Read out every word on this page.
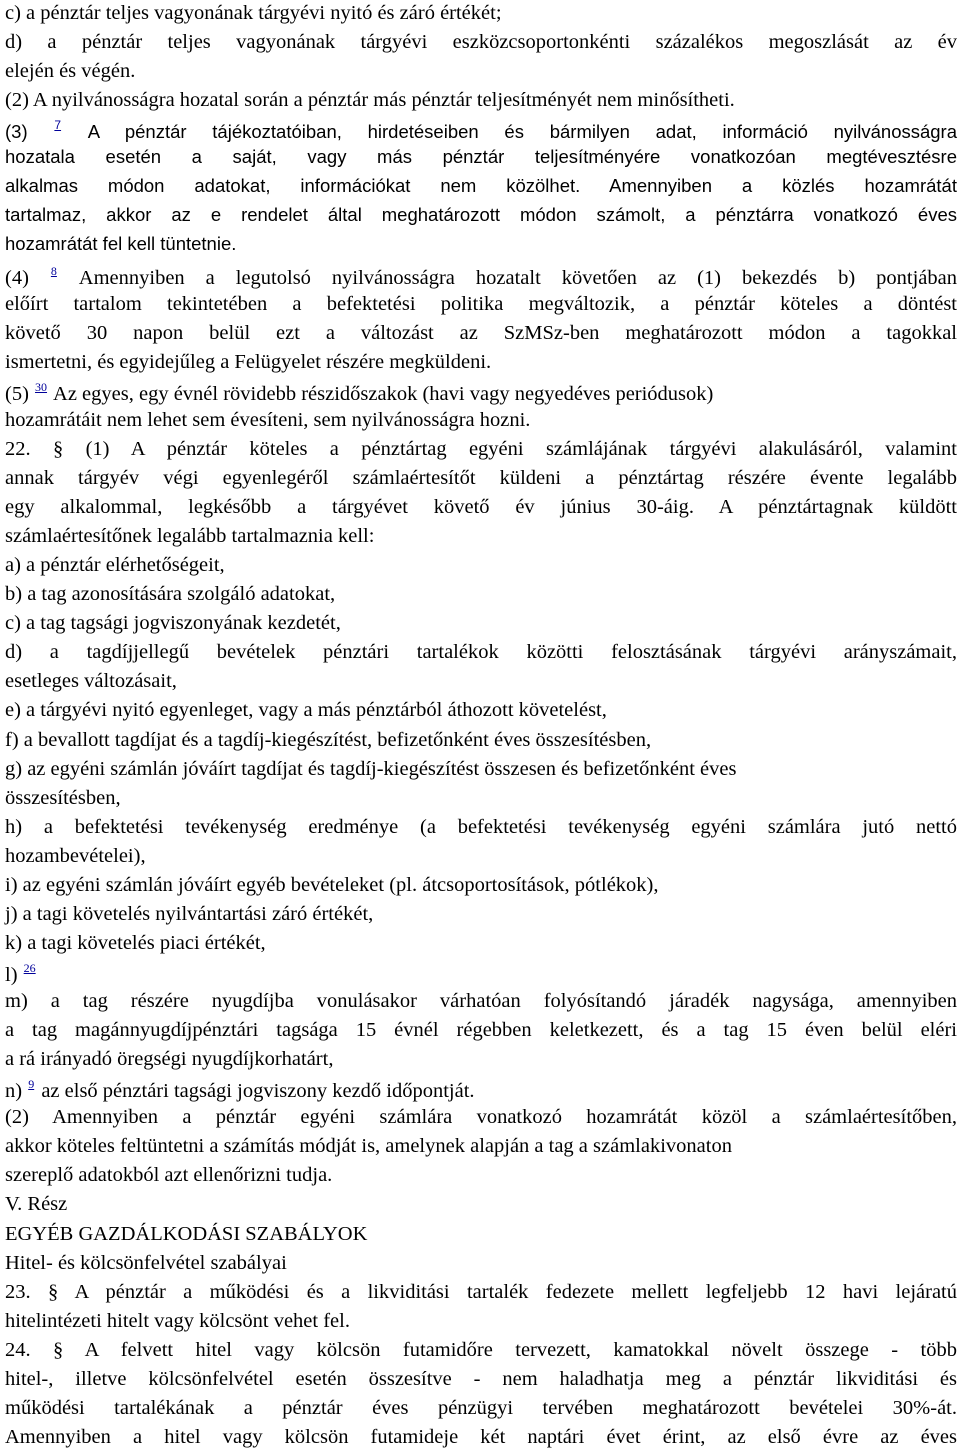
c) a pénztár teljes vagyonának tárgyévi nyitó és záró értékét;
d) a pénztár teljes vagyonának tárgyévi eszközcsoportonkénti százalékos megoszlását az év
elején és végén.
(2) A nyilvánosságra hozatal során a pénztár más pénztár teljesítményét nem minősítheti.
(3) $^7$ A pénztár tájékoztatóiban, hirdetéseiben és bármilyen adat, információ nyilvánosságra
hozatala esetén a saját, vagy más pénztár teljesítményére vonatkozóan megtévesztésre
alkalmas módon adatokat, információkat nem közölhet. Amennyiben a közlés hozamrátát
tartalmaz, akkor az e rendelet által meghatározott módon számolt, a pénztárra vonatkozó éves
hozamrátát fel kell tüntetnie.
(4) $^8$ Amennyiben a legutolsó nyilvánosságra hozatalt követően az (1) bekezdés b) pontjában
előírt tartalom tekintetében a befektetési politika megváltozik, a pénztár köteles a döntést
követő 30 napon belül ezt a változást az SzMSz-ben meghatározott módon a tagokkal
ismertetni, és egyidejűleg a Felügyelet részére megküldeni.
(5) $^{30}$ Az egyes, egy évnél rövidebb részidőszakok (havi vagy negyedéves periódusok)
hozamrátáit nem lehet sem évesíteni, sem nyilvánosságra hozni.
22. § (1) A pénztár köteles a pénztártag egyéni számlájának tárgyévi alakulásáról, valamint
annak tárgyév végi egyenlegéről számlaértesítőt küldeni a pénztártag részére évente legalább
egy alkalommal, legkésőbb a tárgyévet követő év június 30-áig. A pénztártagnak küldött
számlaértesítőnek legalább tartalmaznia kell:
a) a pénztár elérhetőségeit,
b) a tag azonosítására szolgáló adatokat,
c) a tag tagsági jogviszonyának kezdetét,
d) a tagdíjjellegű bevételek pénztári tartalékok közötti felosztásának tárgyévi arányszámait,
esetleges változásait,
e) a tárgyévi nyitó egyenleget, vagy a más pénztárból áthozott követelést,
f) a bevallott tagdíjat és a tagdíj-kiegészítést, befizetőnként éves összesítésben,
g) az egyéni számlán jóváírt tagdíjat és tagdíj-kiegészítést összesen és befizetőnként éves
összesítésben,
h) a befektetési tevékenység eredménye (a befektetési tevékenység egyéni számlára jutó nettó
hozambevételei),
i) az egyéni számlán jóváírt egyéb bevételeket (pl. átcsoportosítások, pótlékok),
j) a tagi követelés nyilvántartási záró értékét,
k) a tagi követelés piaci értékét,
l) $^{26}$
m) a tag részére nyugdíjba vonulásakor várhatóan folyósítandó járadék nagysága, amennyiben
a tag magánnyugdíjpénztári tagsága 15 évnél régebben keletkezett, és a tag 15 éven belül eléri
a rá irányadó öregségi nyugdíjkorhatárt,
n) $^9$ az első pénztári tagsági jogviszony kezdő időpontját.
(2) Amennyiben a pénztár egyéni számlára vonatkozó hozamrátát közöl a számlaértesítőben,
akkor köteles feltüntetni a számítás módját is, amelynek alapján a tag a számlakivonaton
szereplő adatokból azt ellenőrizni tudja.
V. Rész
EGYÉB GAZDÁLKODÁSI SZABÁLYOK
Hitel- és kölcsönfelvétel szabályai
23. § A pénztár a működési és a likviditási tartalék fedezete mellett legfeljebb 12 havi lejáratú
hitelintézeti hitelt vagy kölcsönt vehet fel.
24. § A felvett hitel vagy kölcsön futamidőre tervezett, kamatokkal növelt összege - több
hitel-, illetve kölcsönfelvétel esetén összesítve - nem haladhatja meg a pénztár likviditási és
működési tartalékának a pénztár éves pénzügyi tervében meghatározott bevételei 30%-át.
Amennyiben a hitel vagy kölcsön futamideje két naptári évet érint, az első évre az éves
